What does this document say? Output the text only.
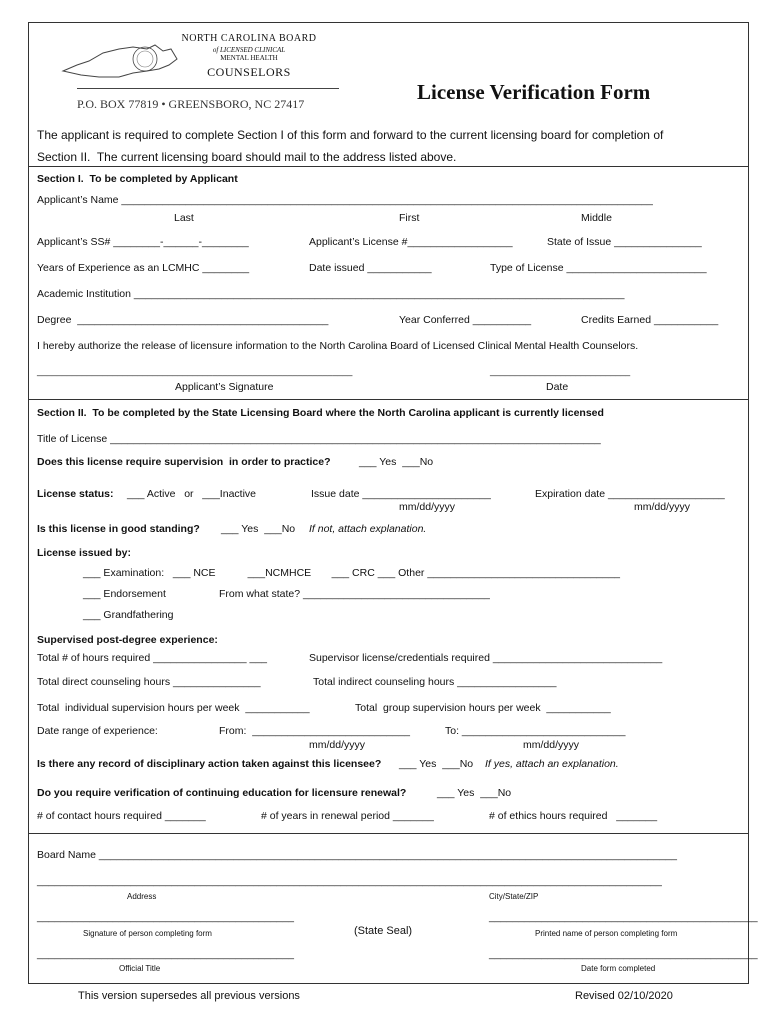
NORTH CAROLINA BOARD
of LICENSED CLINICAL
MENTAL HEALTH
COUNSELORS
P.O. BOX 77819 • GREENSBORO, NC 27417	License Verification Form
The applicant is required to complete Section I of this form and forward to the current licensing board for completion of
Section II.  The current licensing board should mail to the address listed above.
Section I.  To be completed by Applicant
Applicant’s Name ___________________________________________________________________________________________
Last	First	Middle
Applicant’s SS# ________-______-________	Applicant’s License #__________________	State of Issue _______________
Years of Experience as an LCMHC ________	Date issued ___________	Type of License ________________________
Academic Institution ____________________________________________________________________________________
Degree  ___________________________________________	Year Conferred __________	Credits Earned ___________
I hereby authorize the release of licensure information to the North Carolina Board of Licensed Clinical Mental Health Counselors.
_______________________________________________________________	____________________________
Applicant’s Signature	Date
Section II.  To be completed by the State Licensing Board where the North Carolina applicant is currently licensed
Title of License ____________________________________________________________________________________
Does this license require supervision  in order to practice?	___ Yes  ___No
License status: ___ Active   or   ___Inactive	Issue date ______________________	Expiration date ____________________
mm/dd/yyyy	mm/dd/yyyy
Is this license in good standing? ___ Yes  ___No If not, attach explanation.
License issued by:
___ Examination:   ___ NCE           ___NCMHCE       ___ CRC ___ Other _________________________________
___ Endorsement	From what state? ________________________________
___ Grandfathering
Supervised post-degree experience:
Total # of hours required ________________ ___	Supervisor license/credentials required _____________________________
Total direct counseling hours _______________	Total indirect counseling hours _________________
Total  individual supervision hours per week  ___________	Total  group supervision hours per week  ___________
Date range of experience:	From:  ___________________________	To: ____________________________
mm/dd/yyyy	mm/dd/yyyy
Is there any record of disciplinary action taken against this licensee? ___ Yes  ___No If yes, attach an explanation.
Do you require verification of continuing education for licensure renewal?	___ Yes  ___No
# of contact hours required _______	# of years in renewal period _______	# of ethics hours required   _______
Board Name ___________________________________________________________________________________________________
___________________________________________________________________________________________________________
Address	City/State/ZIP
____________________________________________	______________________________________________
Signature of person completing form	(State Seal)	Printed name of person completing form
____________________________________________	______________________________________________
Official Title	Date form completed
This version supersedes all previous versions	Revised 02/10/2020
